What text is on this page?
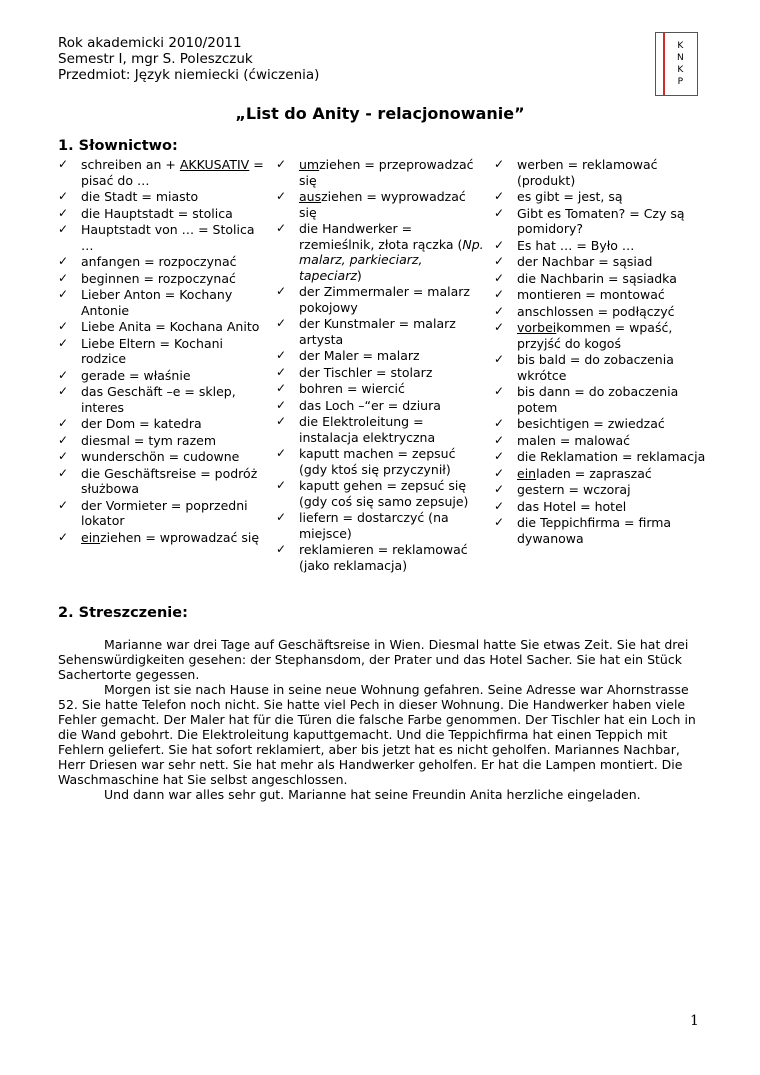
Rok akademicki 2010/2011
Semestr I, mgr S. Poleszczuk
Przedmiot: Język niemiecki (ćwiczenia)
K
N
K
P
„List do Anity - relacjonowanie”
1. Słownictwo:
✓ schreiben an + AKKUSATIV = pisać do …
✓ die Stadt = miasto
✓ die Hauptstadt = stolica
✓ Hauptstadt von … = Stolica …
✓ anfangen = rozpoczynać
✓ beginnen = rozpoczynać
✓ Lieber Anton = Kochany Antonie
✓ Liebe Anita = Kochana Anito
✓ Liebe Eltern = Kochani rodzice
✓ gerade = właśnie
✓ das Geschäft –e = sklep, interes
✓ der Dom = katedra
✓ diesmal = tym razem
✓ wunderschön = cudowne
✓ die Geschäftsreise = podróż służbowa
✓ der Vormieter = poprzedni lokator
✓ einziehen = wprowadzać się
✓ umziehen = przeprowadzać się
✓ ausziehen = wyprowadzać się
✓ die Handwerker = rzemieślnik, złota rączka (Np. malarz, parkieciarz, tapeciarz)
✓ der Zimmermaler = malarz pokojowy
✓ der Kunstmaler = malarz artysta
✓ der Maler = malarz
✓ der Tischler = stolarz
✓ bohren = wiercić
✓ das Loch –“er = dziura
✓ die Elektroleitung = instalacja elektryczna
✓ kaputt machen = zepsuć (gdy ktoś się przyczynił)
✓ kaputt gehen = zepsuć się (gdy coś się samo zepsuje)
✓ liefern = dostarczyć (na miejsce)
✓ reklamieren = reklamować (jako reklamacja)
✓ werben = reklamować (produkt)
✓ es gibt = jest, są
✓ Gibt es Tomaten? = Czy są pomidory?
✓ Es hat … = Było …
✓ der Nachbar = sąsiad
✓ die Nachbarin = sąsiadka
✓ montieren = montować
✓ anschlossen = podłączyć
✓ vorbeikommen = wpaść, przyjść do kogoś
✓ bis bald = do zobaczenia wkrótce
✓ bis dann = do zobaczenia potem
✓ besichtigen = zwiedzać
✓ malen = malować
✓ die Reklamation = reklamacja
✓ einladen = zapraszać
✓ gestern = wczoraj
✓ das Hotel = hotel
✓ die Teppichfirma = firma dywanowa
2. Streszczenie:

Marianne war drei Tage auf Geschäftsreise in Wien. Diesmal hatte Sie etwas Zeit. Sie hat drei Sehenswürdigkeiten gesehen: der Stephansdom, der Prater und das Hotel Sacher. Sie hat ein Stück Sachertorte gegessen.

Morgen ist sie nach Hause in seine neue Wohnung gefahren. Seine Adresse war Ahornstrasse 52. Sie hatte Telefon noch nicht. Sie hatte viel Pech in dieser Wohnung. Die Handwerker haben viele Fehler gemacht. Der Maler hat für die Türen die falsche Farbe genommen. Der Tischler hat ein Loch in die Wand gebohrt. Die Elektroleitung kaputtgemacht. Und die Teppichfirma hat einen Teppich mit Fehlern geliefert. Sie hat sofort reklamiert, aber bis jetzt hat es nicht geholfen. Mariannes Nachbar, Herr Driesen war sehr nett. Sie hat mehr als Handwerker geholfen. Er hat die Lampen montiert. Die Waschmaschine hat Sie selbst angeschlossen.

Und dann war alles sehr gut. Marianne hat seine Freundin Anita herzliche eingeladen.

1
